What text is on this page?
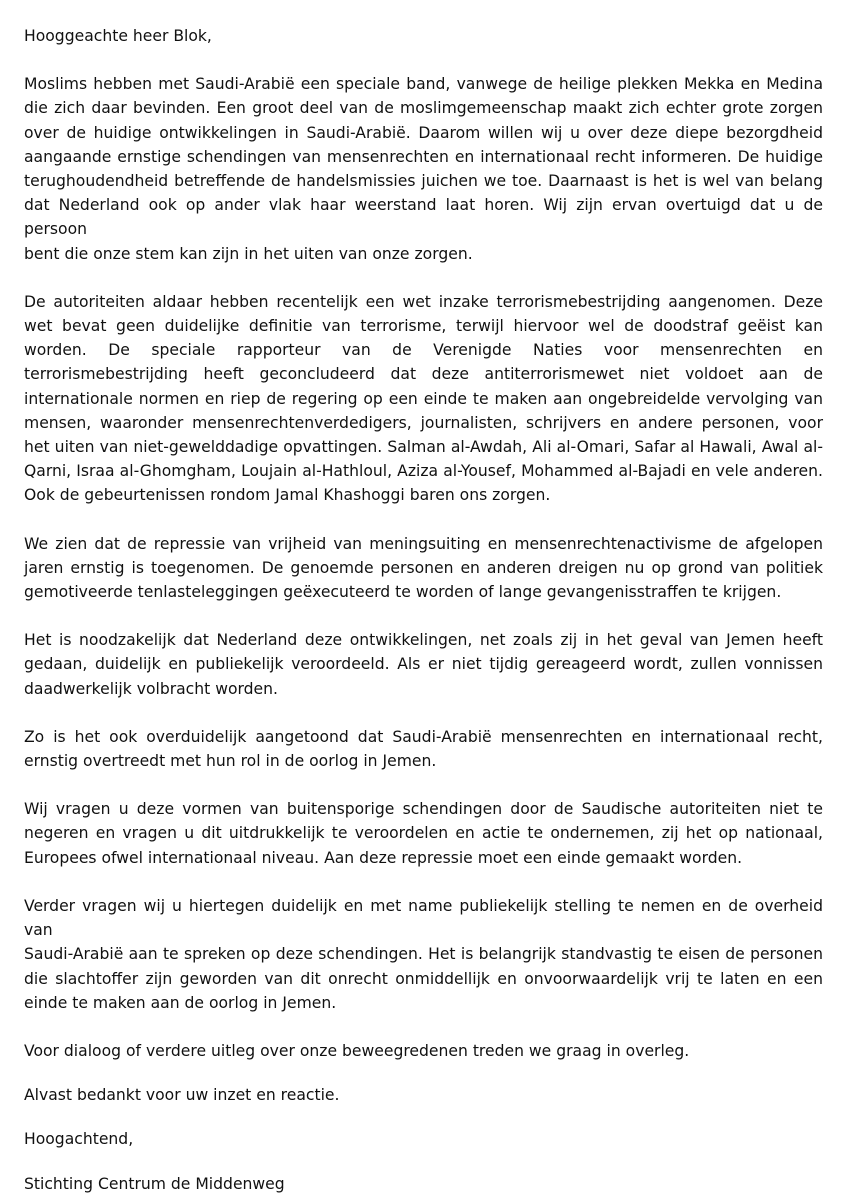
Hooggeachte heer Blok,

Moslims hebben met Saudi-Arabië een speciale band, vanwege de heilige plekken Mekka en Medina
die zich daar bevinden. Een groot deel van de moslimgemeenschap maakt zich echter grote zorgen
over de huidige ontwikkelingen in Saudi-Arabië. Daarom willen wij u over deze diepe bezorgdheid
aangaande ernstige schendingen van mensenrechten en internationaal recht informeren. De huidige
terughoudendheid betreffende de handelsmissies juichen we toe. Daarnaast is het is wel van belang
dat Nederland ook op ander vlak haar weerstand laat horen. Wij zijn ervan overtuigd dat u de persoon
bent die onze stem kan zijn in het uiten van onze zorgen.
De autoriteiten aldaar hebben recentelijk een wet inzake terrorismebestrijding aangenomen. Deze
wet bevat geen duidelijke definitie van terrorisme, terwijl hiervoor wel de doodstraf geëist kan
worden. De speciale rapporteur van de Verenigde Naties voor mensenrechten en
terrorismebestrijding heeft geconcludeerd dat deze antiterrorismewet niet voldoet aan de
internationale normen en riep de regering op een einde te maken aan ongebreidelde vervolging van
mensen, waaronder mensenrechtenverdedigers, journalisten, schrijvers en andere personen, voor
het uiten van niet-gewelddadige opvattingen. Salman al-Awdah, Ali al-Omari, Safar al Hawali, Awal al-
Qarni, Israa al-Ghomgham, Loujain al-Hathloul, Aziza al-Yousef, Mohammed al-Bajadi en vele anderen.
Ook de gebeurtenissen rondom Jamal Khashoggi baren ons zorgen.
We zien dat de repressie van vrijheid van meningsuiting en mensenrechtenactivisme de afgelopen
jaren ernstig is toegenomen. De genoemde personen en anderen dreigen nu op grond van politiek
gemotiveerde tenlasteleggingen geëxecuteerd te worden of lange gevangenisstraffen te krijgen.
Het is noodzakelijk dat Nederland deze ontwikkelingen, net zoals zij in het geval van Jemen heeft
gedaan, duidelijk en publiekelijk veroordeeld. Als er niet tijdig gereageerd wordt, zullen vonnissen
daadwerkelijk volbracht worden.
Zo is het ook overduidelijk aangetoond dat Saudi-Arabië mensenrechten en internationaal recht,
ernstig overtreedt met hun rol in de oorlog in Jemen.
Wij vragen u deze vormen van buitensporige schendingen door de Saudische autoriteiten niet te
negeren en vragen u dit uitdrukkelijk te veroordelen en actie te ondernemen, zij het op nationaal,
Europees ofwel internationaal niveau. Aan deze repressie moet een einde gemaakt worden.
Verder vragen wij u hiertegen duidelijk en met name publiekelijk stelling te nemen en de overheid van
Saudi-Arabië aan te spreken op deze schendingen. Het is belangrijk standvastig te eisen de personen
die slachtoffer zijn geworden van dit onrecht onmiddellijk en onvoorwaardelijk vrij te laten en een
einde te maken aan de oorlog in Jemen.

Voor dialoog of verdere uitleg over onze beweegredenen treden we graag in overleg.

Alvast bedankt voor uw inzet en reactie.

Hoogachtend,

Stichting Centrum de Middenweg
